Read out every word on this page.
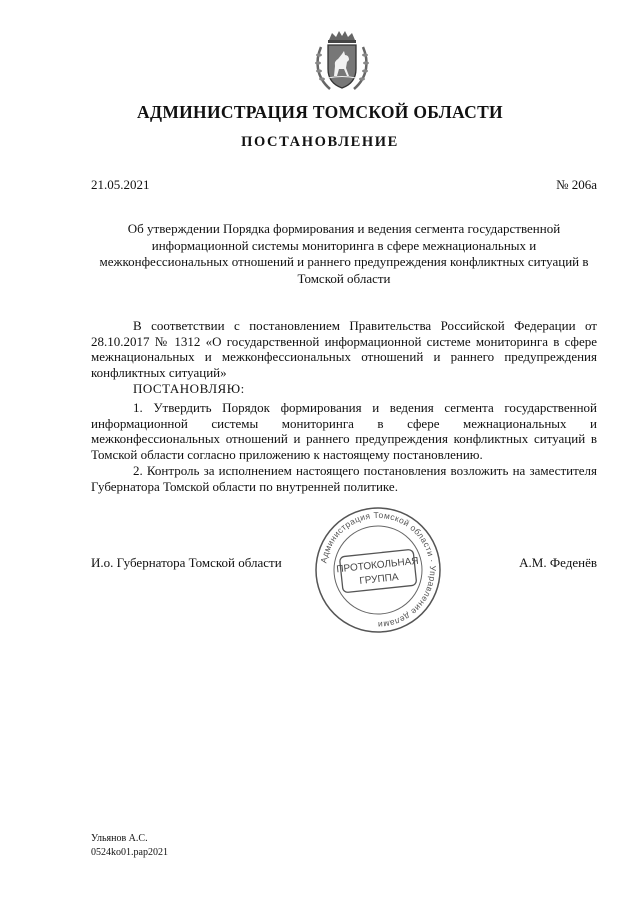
АДМИНИСТРАЦИЯ ТОМСКОЙ ОБЛАСТИ
ПОСТАНОВЛЕНИЕ
21.05.2021	№ 206а
Об утверждении Порядка формирования и ведения сегмента государственной информационной системы мониторинга в сфере межнациональных и межконфессиональных отношений и раннего предупреждения конфликтных ситуаций в Томской области
В соответствии с постановлением Правительства Российской Федерации от 28.10.2017 № 1312 «О государственной информационной системе мониторинга в сфере межнациональных и межконфессиональных отношений и раннего предупреждения конфликтных ситуаций»
ПОСТАНОВЛЯЮ:
1. Утвердить Порядок формирования и ведения сегмента государственной информационной системы мониторинга в сфере межнациональных и межконфессиональных отношений и раннего предупреждения конфликтных ситуаций в Томской области согласно приложению к настоящему постановлению.
2. Контроль за исполнением настоящего постановления возложить на заместителя Губернатора Томской области по внутренней политике.
И.о. Губернатора Томской области	А.М. Феденёв
Администрация Томской области · Управление делами
ПРОТОКОЛЬНАЯ
ГРУППА
Ульянов А.С.
0524ko01.pap2021
